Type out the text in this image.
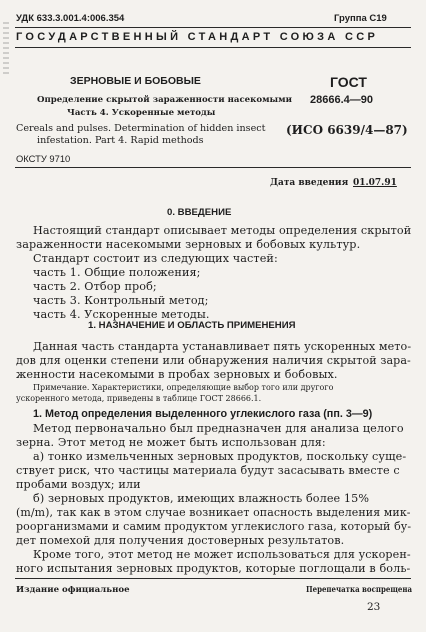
УДК 633.3.001.4:006.354	Группа С19
ГОСУДАРСТВЕННЫЙ СТАНДАРТ СОЮЗА ССР
ЗЕРНОВЫЕ И БОБОВЫЕ
Определение скрытой зараженности насекомыми
Часть 4. Ускоренные методы
ГОСТ
28666.4—90
Cereals and pulses. Determination of hidden insect
infestation. Part 4. Rapid methods
(ИСО 6639/4—87)
ОКСТУ 9710
Дата введения 01.07.91
0. ВВЕДЕНИЕ
Настоящий стандарт описывает методы определения скрытой
зараженности насекомыми зерновых и бобовых культур.
Стандарт состоит из следующих частей:
часть 1. Общие положения;
часть 2. Отбор проб;
часть 3. Контрольный метод;
часть 4. Ускоренные методы.
1. НАЗНАЧЕНИЕ И ОБЛАСТЬ ПРИМЕНЕНИЯ
Данная часть стандарта устанавливает пять ускоренных мето-
дов для оценки степени или обнаружения наличия скрытой зара-
женности насекомыми в пробах зерновых и бобовых.
Примечание. Характеристики, определяющие выбор того или другого
ускоренного метода, приведены в таблице ГОСТ 28666.1.
1. Метод определения выделенного углекислого газа (пп. 3—9)
Метод первоначально был предназначен для анализа целого
зерна. Этот метод не может быть использован для:
а) тонко измельченных зерновых продуктов, поскольку суще-
ствует риск, что частицы материала будут засасывать вместе с
пробами воздух; или
б) зерновых продуктов, имеющих влажность более 15%
(m/m), так как в этом случае возникает опасность выделения мик-
роорганизмами и самим продуктом углекислого газа, который бу-
дет помехой для получения достоверных результатов.
Кроме того, этот метод не может использоваться для ускорен-
ного испытания зерновых продуктов, которые поглощали в боль-
Издание официальное	Перепечатка воспрещена
23
